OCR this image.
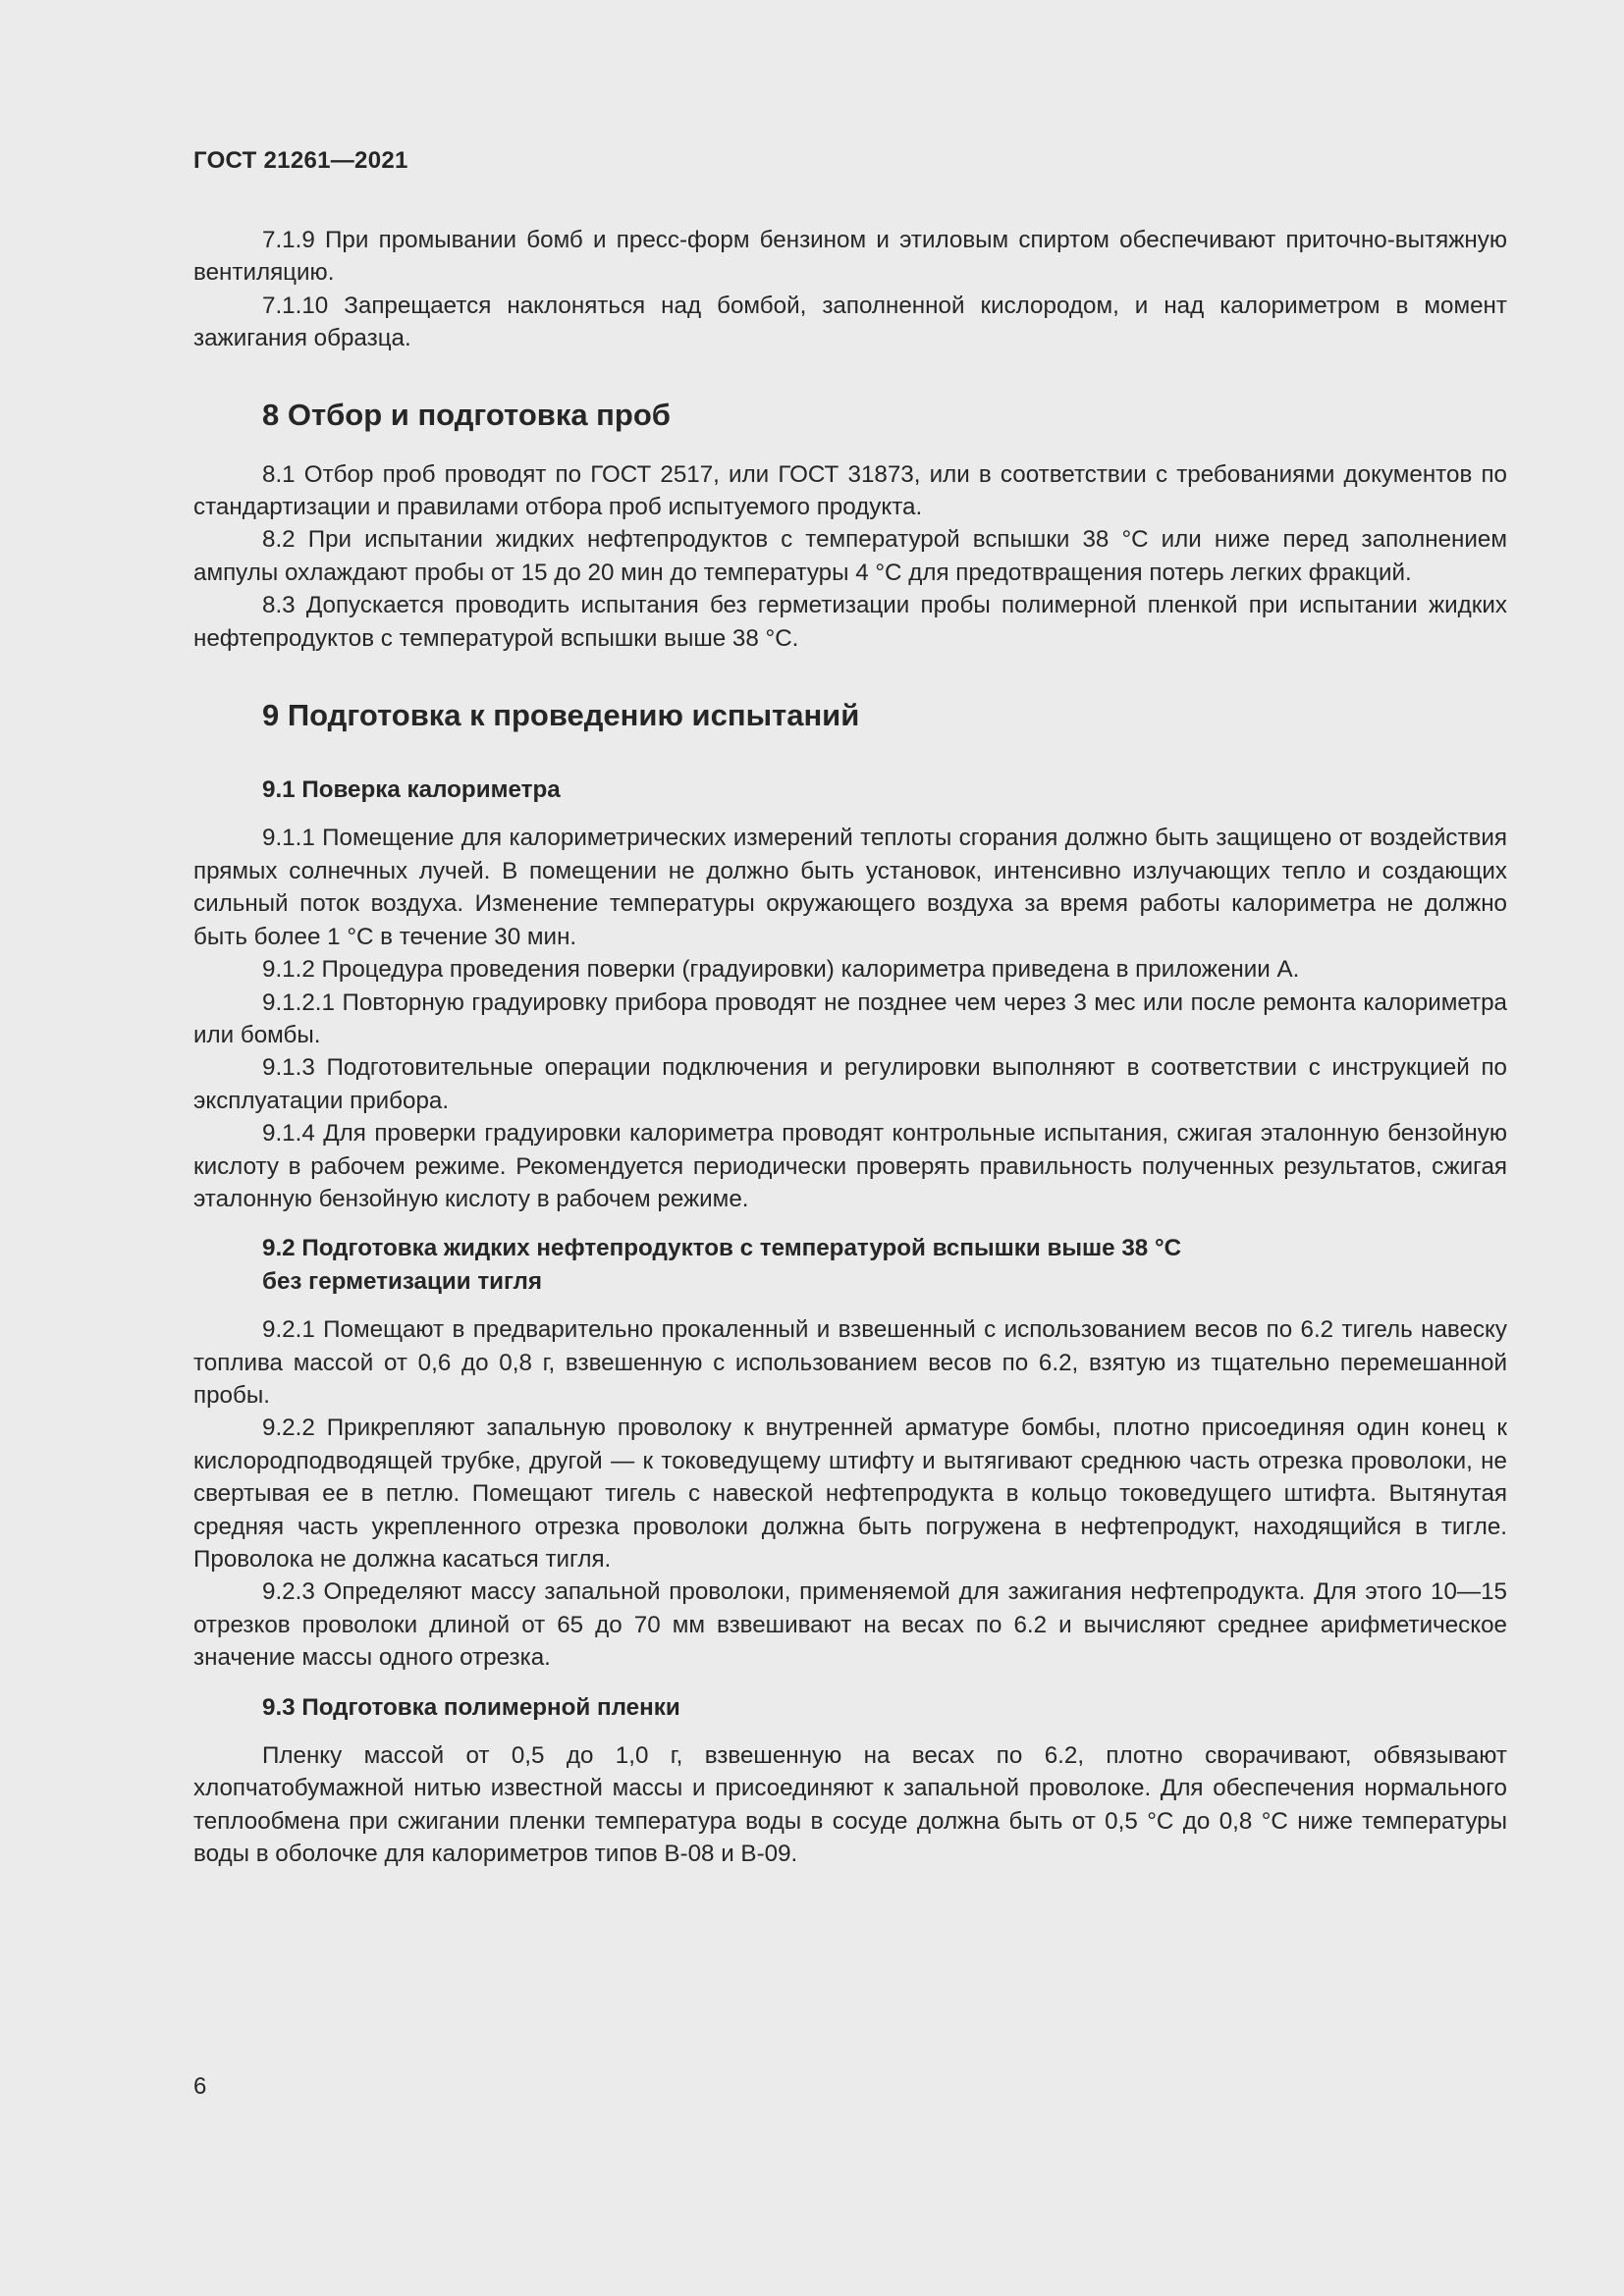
ГОСТ 21261—2021

7.1.9 При промывании бомб и пресс-форм бензином и этиловым спиртом обеспечивают приточно-вытяжную вентиляцию.

7.1.10 Запрещается наклоняться над бомбой, заполненной кислородом, и над калориметром в момент зажигания образца.

8 Отбор и подготовка проб

8.1 Отбор проб проводят по ГОСТ 2517, или ГОСТ 31873, или в соответствии с требованиями документов по стандартизации и правилами отбора проб испытуемого продукта.

8.2 При испытании жидких нефтепродуктов с температурой вспышки 38 °С или ниже перед заполнением ампулы охлаждают пробы от 15 до 20 мин до температуры 4 °С для предотвращения потерь легких фракций.

8.3 Допускается проводить испытания без герметизации пробы полимерной пленкой при испытании жидких нефтепродуктов с температурой вспышки выше 38 °С.

9 Подготовка к проведению испытаний
9.1 Поверка калориметра

9.1.1 Помещение для калориметрических измерений теплоты сгорания должно быть защищено от воздействия прямых солнечных лучей. В помещении не должно быть установок, интенсивно излучающих тепло и создающих сильный поток воздуха. Изменение температуры окружающего воздуха за время работы калориметра не должно быть более 1 °С в течение 30 мин.

9.1.2 Процедура проведения поверки (градуировки) калориметра приведена в приложении А.

9.1.2.1 Повторную градуировку прибора проводят не позднее чем через 3 мес или после ремонта калориметра или бомбы.

9.1.3 Подготовительные операции подключения и регулировки выполняют в соответствии с инструкцией по эксплуатации прибора.

9.1.4 Для проверки градуировки калориметра проводят контрольные испытания, сжигая эталонную бензойную кислоту в рабочем режиме. Рекомендуется периодически проверять правильность полученных результатов, сжигая эталонную бензойную кислоту в рабочем режиме.

9.2 Подготовка жидких нефтепродуктов с температурой вспышки выше 38 °С
без герметизации тигля

9.2.1 Помещают в предварительно прокаленный и взвешенный с использованием весов по 6.2 тигель навеску топлива массой от 0,6 до 0,8 г, взвешенную с использованием весов по 6.2, взятую из тщательно перемешанной пробы.

9.2.2 Прикрепляют запальную проволоку к внутренней арматуре бомбы, плотно присоединяя один конец к кислородподводящей трубке, другой — к токоведущему штифту и вытягивают среднюю часть отрезка проволоки, не свертывая ее в петлю. Помещают тигель с навеской нефтепродукта в кольцо токоведущего штифта. Вытянутая средняя часть укрепленного отрезка проволоки должна быть погружена в нефтепродукт, находящийся в тигле. Проволока не должна касаться тигля.

9.2.3 Определяют массу запальной проволоки, применяемой для зажигания нефтепродукта. Для этого 10—15 отрезков проволоки длиной от 65 до 70 мм взвешивают на весах по 6.2 и вычисляют среднее арифметическое значение массы одного отрезка.

9.3 Подготовка полимерной пленки

Пленку массой от 0,5 до 1,0 г, взвешенную на весах по 6.2, плотно сворачивают, обвязывают хлопчатобумажной нитью известной массы и присоединяют к запальной проволоке. Для обеспечения нормального теплообмена при сжигании пленки температура воды в сосуде должна быть от 0,5 °С до 0,8 °С ниже температуры воды в оболочке для калориметров типов В-08 и В-09.

6
